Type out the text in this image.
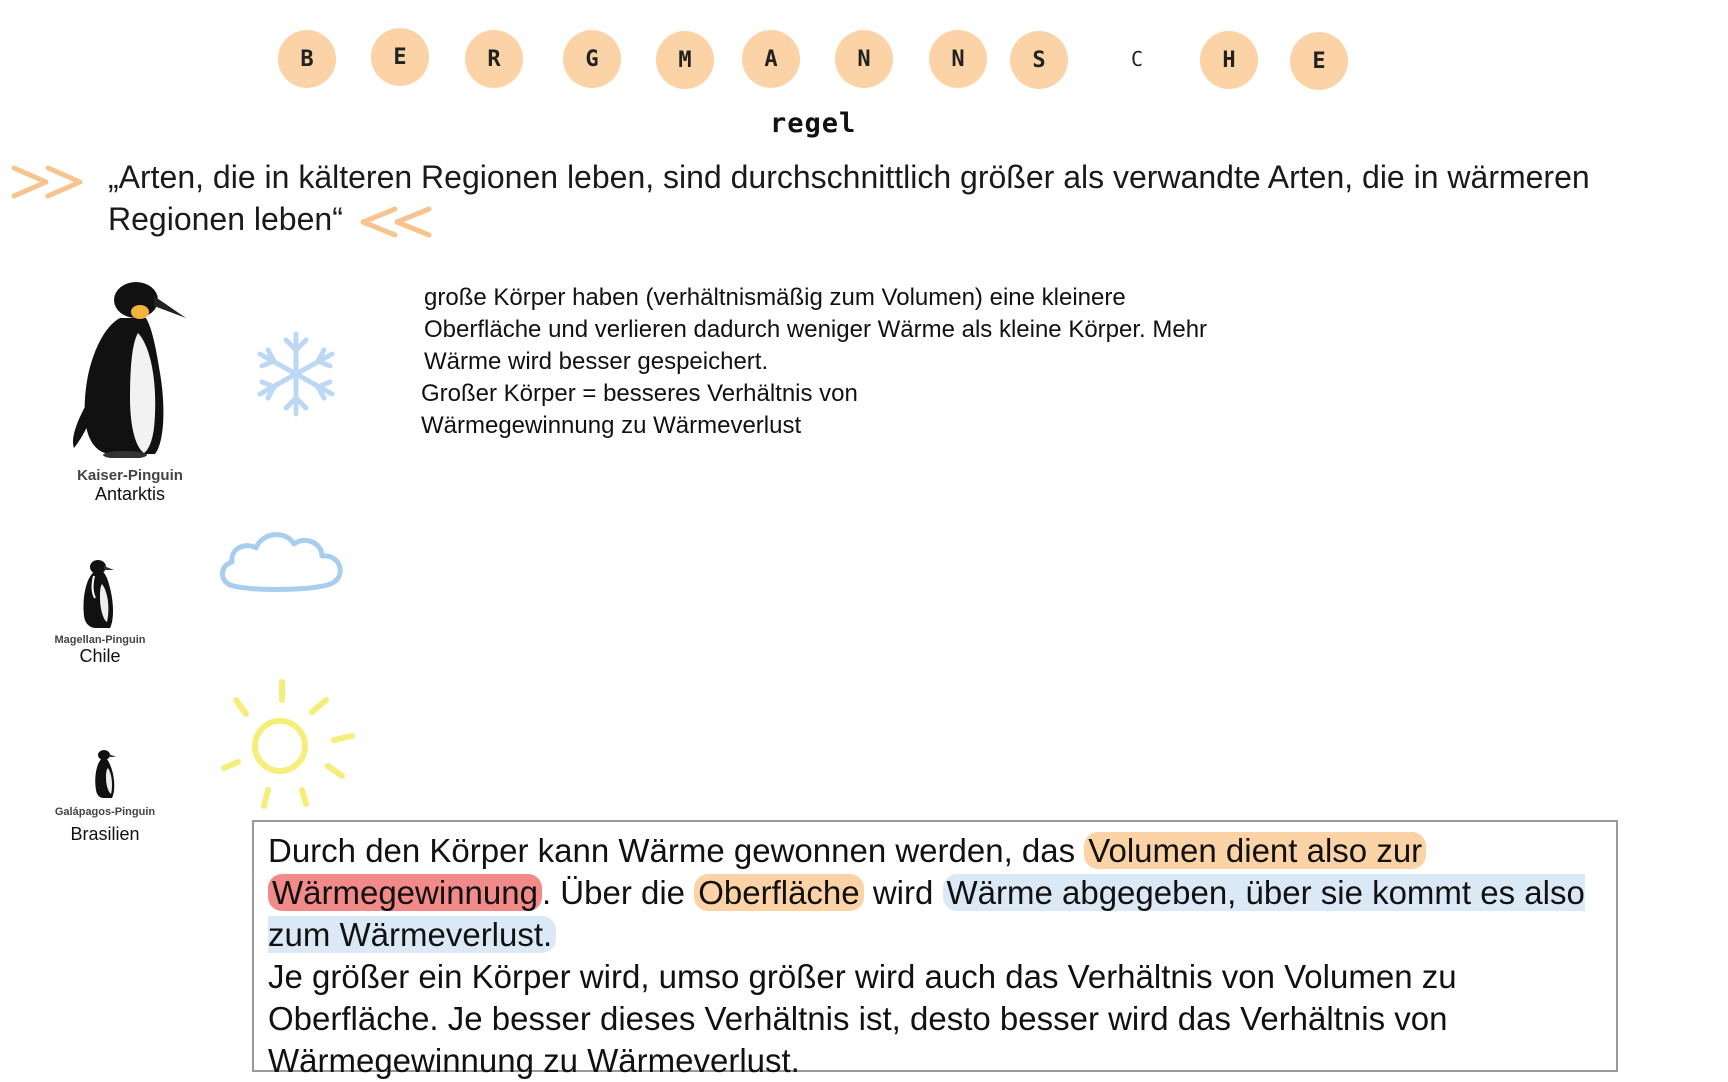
B	E	R	G	M	A	N	N	S	C	H	E
regel

„Arten, die in kälteren Regionen leben, sind durchschnittlich größer als verwandte Arten, die in wärmeren Regionen leben“

große Körper haben (verhältnismäßig zum Volumen) eine kleinere

Oberfläche und verlieren dadurch weniger Wärme als kleine Körper. Mehr

Wärme wird besser gespeichert.

Großer Körper = besseres Verhältnis von

Wärmegewinnung zu Wärmeverlust

Kaiser-Pinguin
Antarktis
Magellan-Pinguin
Chile
Galápagos-Pinguin
Brasilien	Durch den Körper kann Wärme gewonnen werden, das Volumen dient also zur Wärmegewinnung . Über die Oberfläche wird Wärme abgegeben, über sie kommt es also zum Wärmeverlust.

Je größer ein Körper wird, umso größer wird auch das Verhältnis von Volumen zu Oberfläche. Je besser dieses Verhältnis ist, desto besser wird das Verhältnis von Wärmegewinnung zu Wärmeverlust.
